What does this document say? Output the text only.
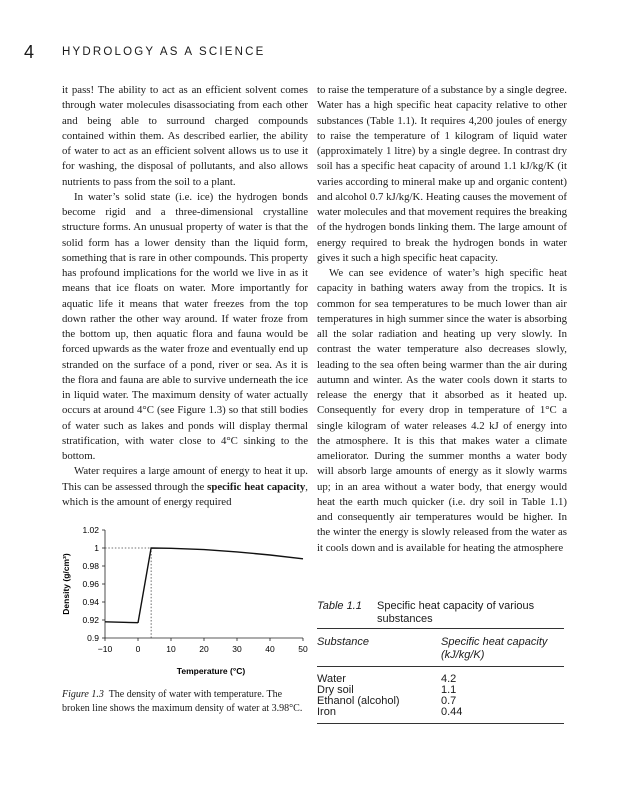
4 HYDROLOGY AS A SCIENCE

it pass! The ability to act as an efficient solvent comes through water molecules disassociating from each other and being able to surround charged compounds contained within them. As described earlier, the ability of water to act as an efficient solvent allows us to use it for washing, the disposal of pollutants, and also allows nutrients to pass from the soil to a plant.

In water’s solid state (i.e. ice) the hydrogen bonds become rigid and a three-dimensional crystalline structure forms. An unusual property of water is that the solid form has a lower density than the liquid form, something that is rare in other compounds. This property has profound implications for the world we live in as it means that ice floats on water. More importantly for aquatic life it means that water freezes from the top down rather the other way around. If water froze from the bottom up, then aquatic flora and fauna would be forced upwards as the water froze and eventually end up stranded on the surface of a pond, river or sea. As it is the flora and fauna are able to survive underneath the ice in liquid water. The maximum density of water actually occurs at around 4°C (see Figure 1.3) so that still bodies of water such as lakes and ponds will display thermal stratification, with water close to 4°C sinking to the bottom.

Water requires a large amount of energy to heat it up. This can be assessed through the specific heat capacity, which is the amount of energy required

to raise the temperature of a substance by a single degree. Water has a high specific heat capacity relative to other substances (Table 1.1). It requires 4,200 joules of energy to raise the temperature of 1 kilogram of liquid water (approximately 1 litre) by a single degree. In contrast dry soil has a specific heat capacity of around 1.1 kJ/kg/K (it varies according to mineral make up and organic content) and alcohol 0.7 kJ/kg/K. Heating causes the movement of water molecules and that movement requires the breaking of the hydrogen bonds linking them. The large amount of energy required to break the hydrogen bonds in water gives it such a high specific heat capacity.

We can see evidence of water’s high specific heat capacity in bathing waters away from the tropics. It is common for sea temperatures to be much lower than air temperatures in high summer since the water is absorbing all the solar radiation and heating up very slowly. In contrast the water temperature also decreases slowly, leading to the sea often being warmer than the air during autumn and winter. As the water cools down it starts to release the energy that it absorbed as it heated up. Consequently for every drop in temperature of 1°C a single kilogram of water releases 4.2 kJ of energy into the atmosphere. It is this that makes water a climate ameliorator. During the summer months a water body will absorb large amounts of energy as it slowly warms up; in an area without a water body, that energy would heat the earth much quicker (i.e. dry soil in Table 1.1) and consequently air temperatures would be higher. In the winter the energy is slowly released from the water as it cools down and is available for heating the atmosphere

0.9
0.92
0.94
0.96
0.98
1
1.02
−10	0	10	20	30	40	50
Temperature (°C)
Density (g/cm³)
Figure 1.3 The density of water with temperature. The broken line shows the maximum density of water at 3.98°C.
Table 1.1 Specific heat capacity of various substances
Substance	Specific heat capacity (kJ/kg/K)
Water	4.2
Dry soil	1.1
Ethanol (alcohol)	0.7
Iron	0.44
